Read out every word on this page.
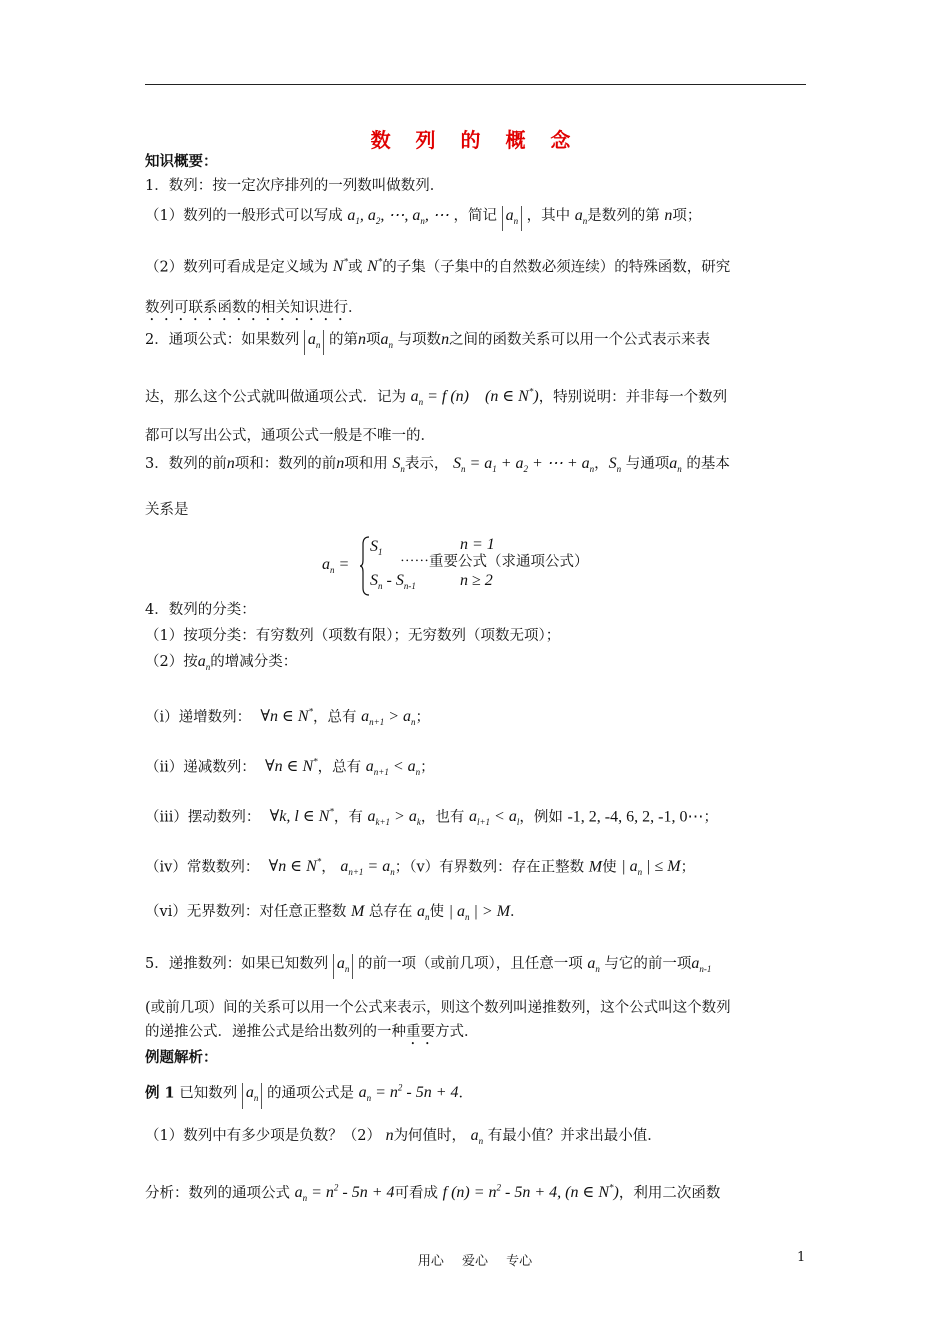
数 列 的 概 念
知识概要：
1．数列：按一定次序排列的一列数叫做数列．
（1）数列的一般形式可以写成 $a_1$, $a_2$, ⋯, $a_n$, ⋯ ，简记 $a_n$ ，其中 $a_n$是数列的第 n项；
（2）数列可看成是定义域为 N*或 N*的子集（子集中的自然数必须连续）的特殊函数，研究
数列可联系函数的相关知识进行．
2．通项公式：如果数列 $a_n$ 的第n项$a_n$ 与项数n之间的函数关系可以用一个公式表示来表
达，那么这个公式就叫做通项公式．记为 $a_n = f$ (n)    (n ∈ N*)，特别说明：并非每一个数列
都可以写出公式，通项公式一般是不唯一的．
3．数列的前n项和：数列的前n项和用 $S_n$表示， $S_n = a_1 + a_2$ + ⋯ + $a_n$，$S_n$ 与通项$a_n$ 的基本
关系是
$a_n$ =
$S_1$	n = 1
⋯⋯重要公式（求通项公式）
$S_n - S_{n-1}$	n ≥ 2
4．数列的分类：
（1）按项分类：有穷数列（项数有限）；无穷数列（项数无项）；
（2）按$a_n$的增减分类：
（i）递增数列： ∀n ∈ N*，总有 $a_{n+1} > a_n$；
（ii）递减数列： ∀n ∈ N*，总有 $a_{n+1} < a_n$；
（iii）摆动数列： ∀k, l ∈ N*，有 $a_{k+1} > a_k$，也有 $a_{l+1} < a_l$，例如 -1, 2, -4, 6, 2, -1, 0⋯；
（iv）常数数列： ∀n ∈ N*， $a_{n+1} = a_n$；（v）有界数列：存在正整数 M使 | $a_n$ | ≤ M；
（vi）无界数列：对任意正整数 M 总存在 $a_n$使 | $a_n$ | > M．
5．递推数列：如果已知数列 $a_n$ 的前一项（或前几项），且任意一项 $a_n$ 与它的前一项$a_{n-1}$
(或前几项）间的关系可以用一个公式来表示，则这个数列叫递推数列，这个公式叫这个数列
的递推公式．递推公式是给出数列的一种重要方式．
例题解析：
例 1 已知数列 $a_n$ 的通项公式是 $a_n = n^2 - 5n + 4$．
（1）数列中有多少项是负数？（2） n为何值时， $a_n$ 有最小值？并求出最小值．
分析：数列的通项公式 $a_n = n^2 - 5n + 4$可看成 f $(n) = n^2 - 5n + 4$, (n ∈ N*)，利用二次函数
用心 爱心 专心	1
